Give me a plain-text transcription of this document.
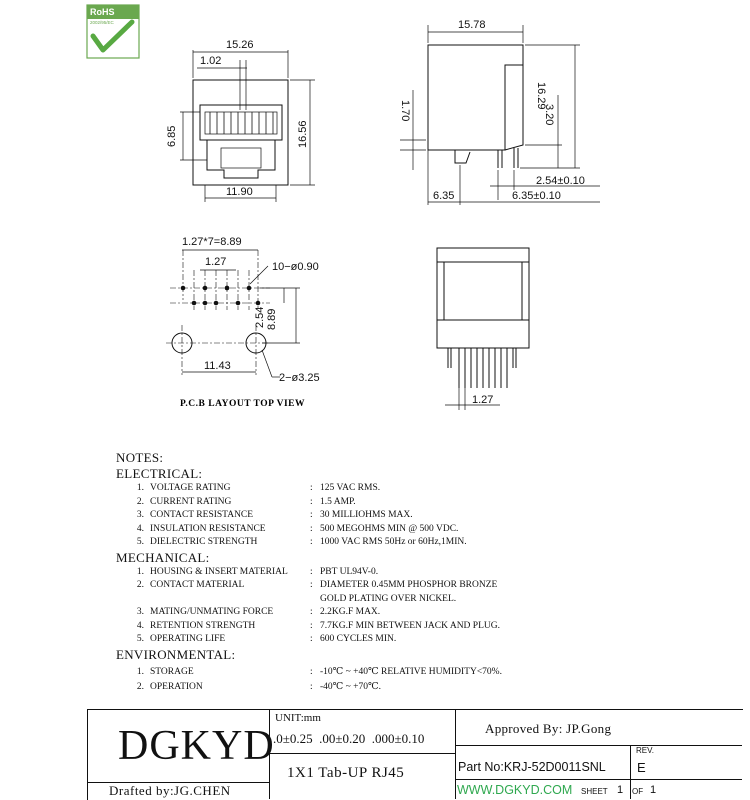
RoHS
2002/95/EC
15.26
1.02
6.85	16.56
11.90
15.78
16.29
1.70	3.20
2.54±0.10
6.35	6.35±0.10
1.27*7=8.89
1.27	10−ø0.90
2.54 8.89
11.43
2−ø3.25
P.C.B LAYOUT TOP VIEW	1.27
NOTES:
ELECTRICAL:
1. VOLTAGE RATING	: 125 VAC RMS.
2. CURRENT RATING	: 1.5 AMP.
3. CONTACT RESISTANCE	: 30 MILLIOHMS MAX.
4. INSULATION RESISTANCE	: 500 MEGOHMS MIN @ 500 VDC.
5. DIELECTRIC STRENGTH	: 1000 VAC RMS 50Hz or 60Hz,1MIN.
MECHANICAL:
1. HOUSING & INSERT MATERIAL	: PBT UL94V-0.
2. CONTACT MATERIAL	: DIAMETER 0.45MM PHOSPHOR BRONZE
GOLD PLATING OVER NICKEL.
3. MATING/UNMATING FORCE	: 2.2KG.F MAX.
4. RETENTION STRENGTH	: 7.7KG.F MIN BETWEEN JACK AND PLUG.
5. OPERATING LIFE	: 600 CYCLES MIN.
ENVIRONMENTAL:
1. STORAGE	: -10℃ ~ +40℃ RELATIVE HUMIDITY<70%.
2. OPERATION	: -40℃ ~ +70℃.
DGKYD
Drafted by:JG.CHEN
UNIT:mm
.0±0.25  .00±0.20  .000±0.10
1X1 Tab-UP RJ45
Approved By: JP.Gong
Part No:KRJ-52D0011SNL
WWW.DGKYD.COM
REV.
E
SHEET 1 OF 1
